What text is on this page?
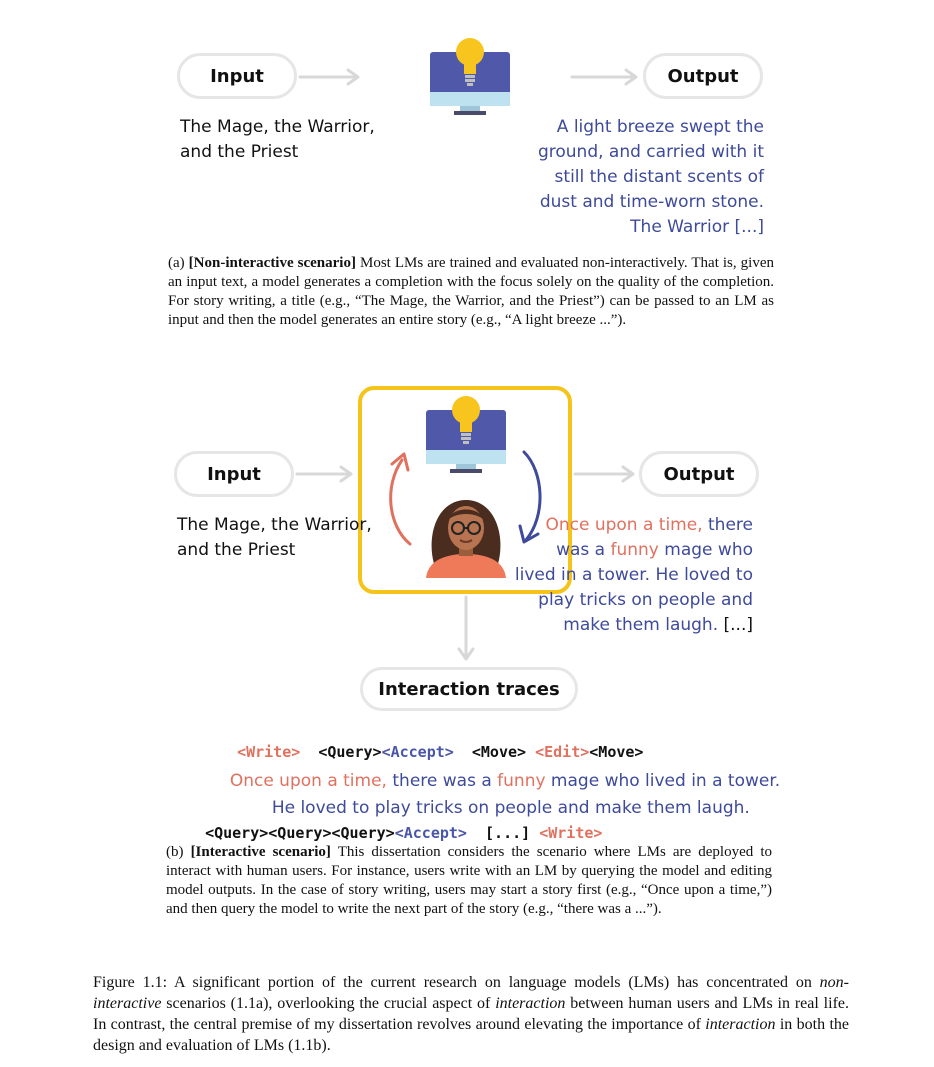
Input	Output
The Mage, the Warrior,
and the Priest
A light breeze swept the
ground, and carried with it
still the distant scents of
dust and time-worn stone.
The Warrior [...]
(a) [Non-interactive scenario] Most LMs are trained and evaluated non-interactively. That is, given an input text, a model generates a completion with the focus solely on the quality of the completion. For story writing, a title (e.g., “The Mage, the Warrior, and the Priest”) can be passed to an LM as input and then the model generates an entire story (e.g., “A light breeze ...”).
Input	Output
The Mage, the Warrior,
and the Priest
Once upon a time, there
was a funny mage who
lived in a tower. He loved to
play tricks on people and
make them laugh. [...]
Interaction traces

<Write> <Query><Accept> <Move> <Edit><Move>

Once upon a time, there was a funny mage who lived in a tower.

He loved to play tricks on people and make them laugh.

<Query><Query><Query><Accept> [...] <Write>

(b) [Interactive scenario] This dissertation considers the scenario where LMs are deployed to interact with human users. For instance, users write with an LM by querying the model and editing model outputs. In the case of story writing, users may start a story first (e.g., “Once upon a time,”) and then query the model to write the next part of the story (e.g., “there was a ...”).
Figure 1.1: A significant portion of the current research on language models (LMs) has concentrated on non-interactive scenarios (1.1a), overlooking the crucial aspect of interaction between human users and LMs in real life. In contrast, the central premise of my dissertation revolves around elevating the importance of interaction in both the design and evaluation of LMs (1.1b).
